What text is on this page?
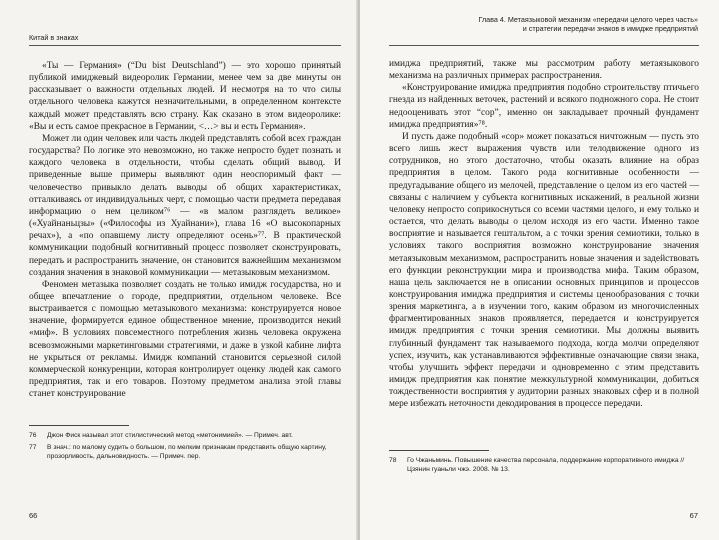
Китай в знаках

«Ты — Германия» (“Du bist Deutschland”) — это хорошо принятый публикой имиджевый видеоролик Германии, менее чем за две минуты он рассказывает о важности отдельных людей. И несмотря на то что силы отдельного человека кажутся незначительными, в определенном контексте каждый может представлять всю страну. Как сказано в этом видеоролике: «Вы и есть самое прекрасное в Германии, <…> вы и есть Германия».

Может ли один человек или часть людей представлять собой всех граждан государства? По логике это невозможно, но также непросто будет познать и каждого человека в отдельности, чтобы сделать общий вывод. И приведенные выше примеры выявляют один неоспоримый факт — человечество привыкло делать выводы об общих характеристиках, отталкиваясь от индивидуальных черт, с помощью части предмета передавая информацию о нем целиком⁷⁶ — «в малом разглядеть великое» («Хуайнаньцзы» («Философы из Хуайнани»), глава 16 «О высокопарных речах»), а «по опавшему листу определяют осень»⁷⁷. В практической коммуникации подобный когнитивный процесс позволяет сконструировать, передать и распространить значение, он становится важнейшим механизмом создания значения в знаковой коммуникации — метазыковым механизмом.

Феномен метазыка позволяет создать не только имидж государства, но и общее впечатление о городе, предприятии, отдельном человеке. Все выстраивается с помощью метазыкового механизма: конструируется новое значение, формируется единое общественное мнение, производится некий «миф». В условиях повсеместного потребления жизнь человека окружена всевозможными маркетинговыми стратегиями, и даже в узкой кабине лифта не укрыться от рекламы. Имидж компаний становится серьезной силой коммерческой конкуренции, которая контролирует оценку людей как самого предприятия, так и его товаров. Поэтому предметом анализа этой главы станет конструирование

76 Джон Фиск называл этот стилистический метод «метонимией». — Примеч. авт.

77 В знач.: по малому судить о большом, по мелким признакам представить общую картину, прозорливость, дальновидность. — Примеч. пер.

66
Глава 4. Метаязыковой механизм «передачи целого через часть»
и стратегии передачи знаков в имидже предприятий

имиджа предприятий, также мы рассмотрим работу метаязыкового механизма на различных примерах распространения.

«Конструирование имиджа предприятия подобно строительству птичьего гнезда из найденных веточек, растений и всякого подножного сора. Не стоит недооценивать этот “сор”, именно он закладывает прочный фундамент имиджа предприятия»⁷⁸.

И пусть даже подобный «сор» может показаться ничтожным — пусть это всего лишь жест выражения чувств или телодвижение одного из сотрудников, но этого достаточно, чтобы оказать влияние на образ предприятия в целом. Такого рода когнитивные особенности — предугадывание общего из мелочей, представление о целом из его частей — связаны с наличием у субъекта когнитивных искажений, в реальной жизни человеку непросто соприкоснуться со всеми частями целого, и ему только и остается, что делать выводы о целом исходя из его части. Именно такое восприятие и называется гештальтом, а с точки зрения семиотики, только в условиях такого восприятия возможно конструирование значения метаязыковым механизмом, распространить новые значения и задействовать его функции реконструкции мира и производства мифа. Таким образом, наша цель заключается не в описании основных принципов и процессов конструирования имиджа предприятия и системы ценообразования с точки зрения маркетинга, а в изучении того, каким образом из многочисленных фрагментированных знаков проявляется, передается и конструируется имидж предприятия с точки зрения семиотики. Мы должны выявить глубинный фундамент так называемого подхода, когда молчи определяют успех, изучить, как устанавливаются эффективные означающие связи знака, чтобы улучшить эффект передачи и одновременно с этим представить имидж предприятия как понятие межкультурной коммуникации, добиться тождественности восприятия у аудитории разных знаковых сфер и в полной мере избежать неточности декодирования в процессе передачи.

78 Го Чжаньминь. Повышение качества персонала, поддержание корпоративного имиджа // Цзянин гуаньли чжэ. 2008. № 13.

67
